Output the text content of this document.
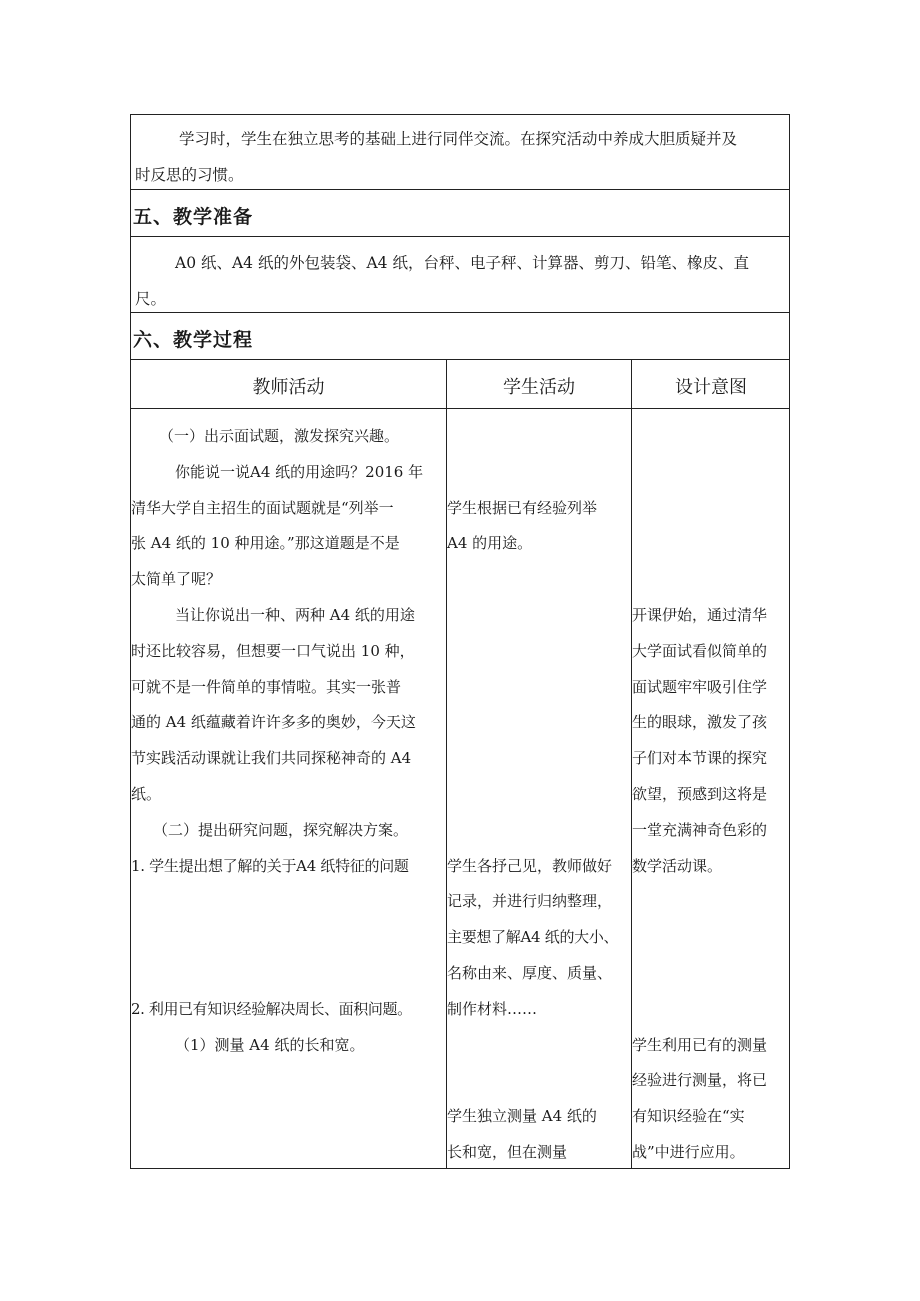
学习时，学生在独立思考的基础上进行同伴交流。在探究活动中养成大胆质疑并及
时反思的习惯。
五、教学准备
A0 纸、A4 纸的外包装袋、A4 纸，台秤、电子秤、计算器、剪刀、铅笔、橡皮、直
尺。
六、教学过程
教师活动	学生活动	设计意图

（一）出示面试题，激发探究兴趣。

你能说一说A4 纸的用途吗？2016 年

清华大学自主招生的面试题就是“列举一

张 A4 纸的 10 种用途。”那这道题是不是

太简单了呢？

当让你说出一种、两种 A4 纸的用途

时还比较容易，但想要一口气说出 10 种，

可就不是一件简单的事情啦。其实一张普

通的 A4 纸蕴藏着许许多多的奥妙，今天这

节实践活动课就让我们共同探秘神奇的 A4

纸。

（二）提出研究问题，探究解决方案。

1. 学生提出想了解的关于A4 纸特征的问题

2. 利用已有知识经验解决周长、面积问题。

（1）测量 A4 纸的长和宽。

学生根据已有经验列举

A4 的用途。

学生各抒己见，教师做好

记录，并进行归纳整理，

主要想了解A4 纸的大小、

名称由来、厚度、质量、

制作材料……

学生独立测量 A4 纸的

长和宽，但在测量

开课伊始，通过清华

大学面试看似简单的

面试题牢牢吸引住学

生的眼球，激发了孩

子们对本节课的探究

欲望，预感到这将是

一堂充满神奇色彩的

数学活动课。

学生利用已有的测量

经验进行测量，将已

有知识经验在“实

战”中进行应用。
